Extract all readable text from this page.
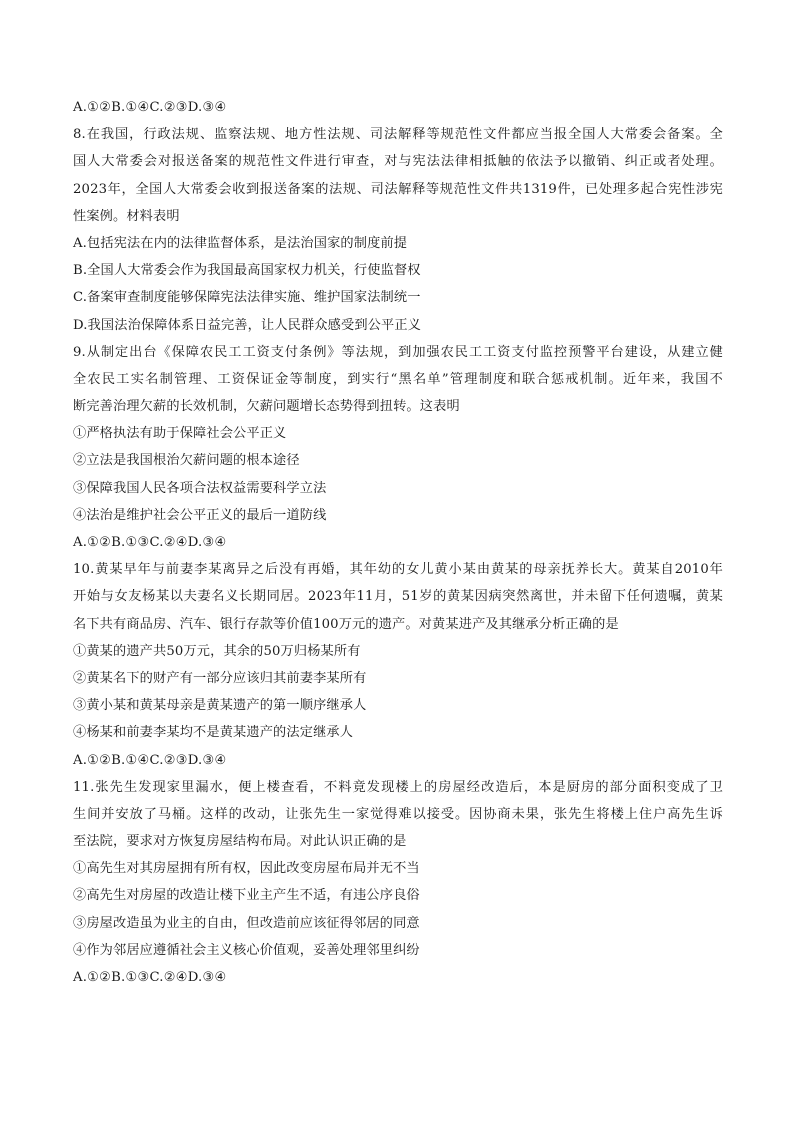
A.①②B.①④C.②③D.③④
8.在我国，行政法规、监察法规、地方性法规、司法解释等规范性文件都应当报全国人大常委会备案。全
国人大常委会对报送备案的规范性文件进行审查，对与宪法法律相抵触的依法予以撤销、纠正或者处理。
2023年，全国人大常委会收到报送备案的法规、司法解释等规范性文件共1319件，已处理多起合宪性涉宪
性案例。材料表明
A.包括宪法在内的法律监督体系，是法治国家的制度前提
B.全国人大常委会作为我国最高国家权力机关，行使监督权
C.备案审查制度能够保障宪法法律实施、维护国家法制统一
D.我国法治保障体系日益完善，让人民群众感受到公平正义
9.从制定出台《保障农民工工资支付条例》等法规，到加强农民工工资支付监控预警平台建设，从建立健
全农民工实名制管理、工资保证金等制度，到实行“黑名单”管理制度和联合惩戒机制。近年来，我国不
断完善治理欠薪的长效机制，欠薪问题增长态势得到扭转。这表明
①严格执法有助于保障社会公平正义
②立法是我国根治欠薪问题的根本途径
③保障我国人民各项合法权益需要科学立法
④法治是维护社会公平正义的最后一道防线
A.①②B.①③C.②④D.③④
10.黄某早年与前妻李某离异之后没有再婚，其年幼的女儿黄小某由黄某的母亲抚养长大。黄某自2010年
开始与女友杨某以夫妻名义长期同居。2023年11月，51岁的黄某因病突然离世，并未留下任何遗嘱，黄某
名下共有商品房、汽车、银行存款等价值100万元的遗产。对黄某进产及其继承分析正确的是
①黄某的遗产共50万元，其余的50万归杨某所有
②黄某名下的财产有一部分应该归其前妻李某所有
③黄小某和黄某母亲是黄某遗产的第一顺序继承人
④杨某和前妻李某均不是黄某遗产的法定继承人
A.①②B.①④C.②③D.③④
11.张先生发现家里漏水，便上楼查看，不料竟发现楼上的房屋经改造后，本是厨房的部分面积变成了卫
生间并安放了马桶。这样的改动，让张先生一家觉得难以接受。因协商未果，张先生将楼上住户高先生诉
至法院，要求对方恢复房屋结构布局。对此认识正确的是
①高先生对其房屋拥有所有权，因此改变房屋布局并无不当
②高先生对房屋的改造让楼下业主产生不适，有违公序良俗
③房屋改造虽为业主的自由，但改造前应该征得邻居的同意
④作为邻居应遵循社会主义核心价值观，妥善处理邻里纠纷
A.①②B.①③C.②④D.③④
